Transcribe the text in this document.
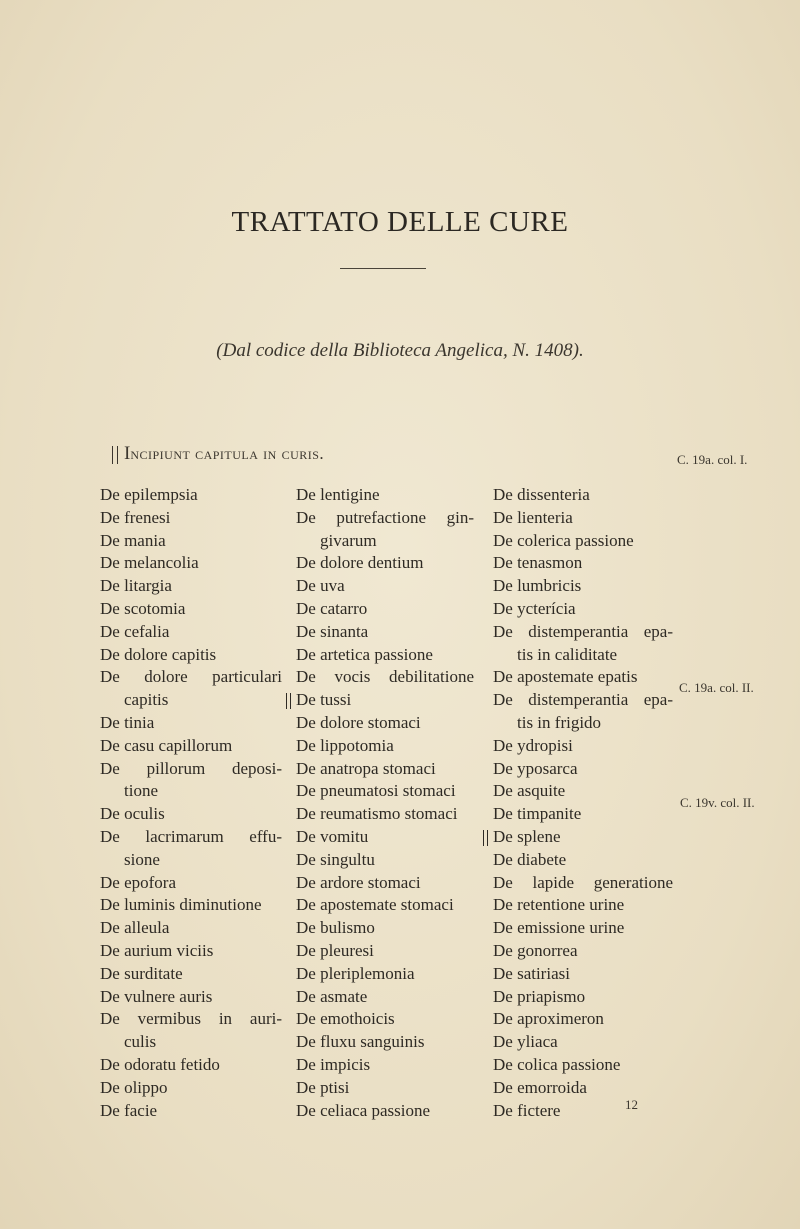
TRATTATO DELLE CURE
(Dal codice della Biblioteca Angelica, N. 1408).
Incipiunt capitula in curis.	C. 19a. col. I.
C. 19a. col. II.
C. 19v. col. II.
De epilempsia
De frenesi
De mania
De melancolia
De litargia
De scotomia
De cefalia
De dolore capitis
De dolore particulari
capitis
De tinia
De casu capillorum
De pillorum deposi-
tione
De oculis
De lacrimarum effu-
sione
De epofora
De luminis diminutione
De alleula
De aurium viciis
De surditate
De vulnere auris
De vermibus in auri-
culis
De odoratu fetido
De olippo
De facie
De lentigine
De putrefactione gin-
givarum
De dolore dentium
De uva
De catarro
De sinanta
De artetica passione
De vocis debilitatione
De tussi
De dolore stomaci
De lippotomia
De anatropa stomaci
De pneumatosi stomaci
De reumatismo stomaci
De vomitu
De singultu
De ardore stomaci
De apostemate stomaci
De bulismo
De pleuresi
De pleriplemonia
De asmate
De emothoicis
De fluxu sanguinis
De impicis
De ptisi
De celiaca passione
De dissenteria
De lienteria
De colerica passione
De tenasmon
De lumbricis
De ycterícia
De distemperantia epa-
tis in caliditate
De apostemate epatis
De distemperantia epa-
tis in frigido
De ydropisi
De yposarca
De asquite
De timpanite
De splene
De diabete
De lapide generatione
De retentione urine
De emissione urine
De gonorrea
De satiriasi
De priapismo
De aproximeron
De yliaca
De colica passione
De emorroida
De fictere	12
